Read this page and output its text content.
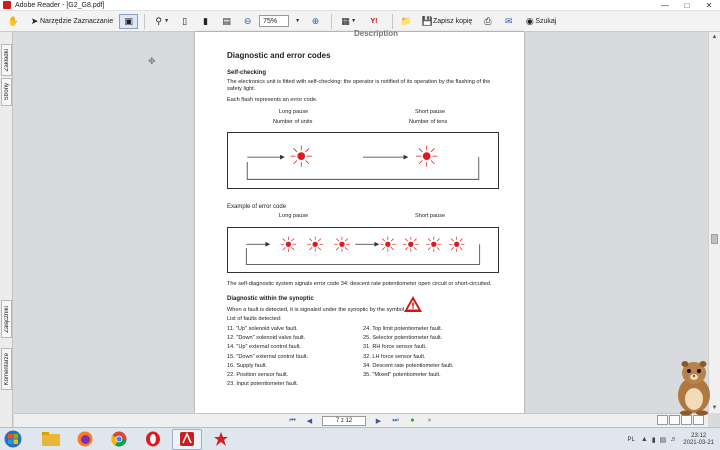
Adobe Reader - [G2_G8.pdf]	—	□	✕
✋ ➤ Narzędzie Zaznaczanie ▣ ⚲ ▼	▯	▮	▤ ⊖	75%	▼ ⊕ ▦ ▼	Y!	📁 💾 Zapisz kopię ⎙ ✉ ◉ Szukaj
Zakładki
Strony
Załączniki
Komentarze
✥
Description
Diagnostic and error codes
Self-checking
The electronics unit is fitted with self-checking: the operator is notified of its operation by the flashing of the safety light.
Each flash represents an error code.
Long pause
Number of units
Short pause
Number of tens
Example of error code
Long pause	Short pause
The self-diagnostic system signals error code 34: descent rate potentiometer open circuit or short-circuited.
Diagnostic within the synoptic
When a fault is detected, it is signaled under the synoptic by the symbol
List of faults detected:
11. "Up" solenoid valve fault.
12. "Down" solenoid valve fault.
14. "Up" external control fault.
15. "Down" external control fault.
16. Supply fault.
22. Position sensor fault.
23. Input potentiometer fault.
24. Top limit potentiometer fault.
25. Selector potentiometer fault.
31. RH force sensor fault.
32. LH force sensor fault.
34. Descent rate potentiometer fault.
35. "Mixed" potentiometer fault.
▲
▼
⏮	◀	7 z 12	▶	⏭	●	●
PL ▲ ▮ ▤ ♬
23:12
2021-03-21
